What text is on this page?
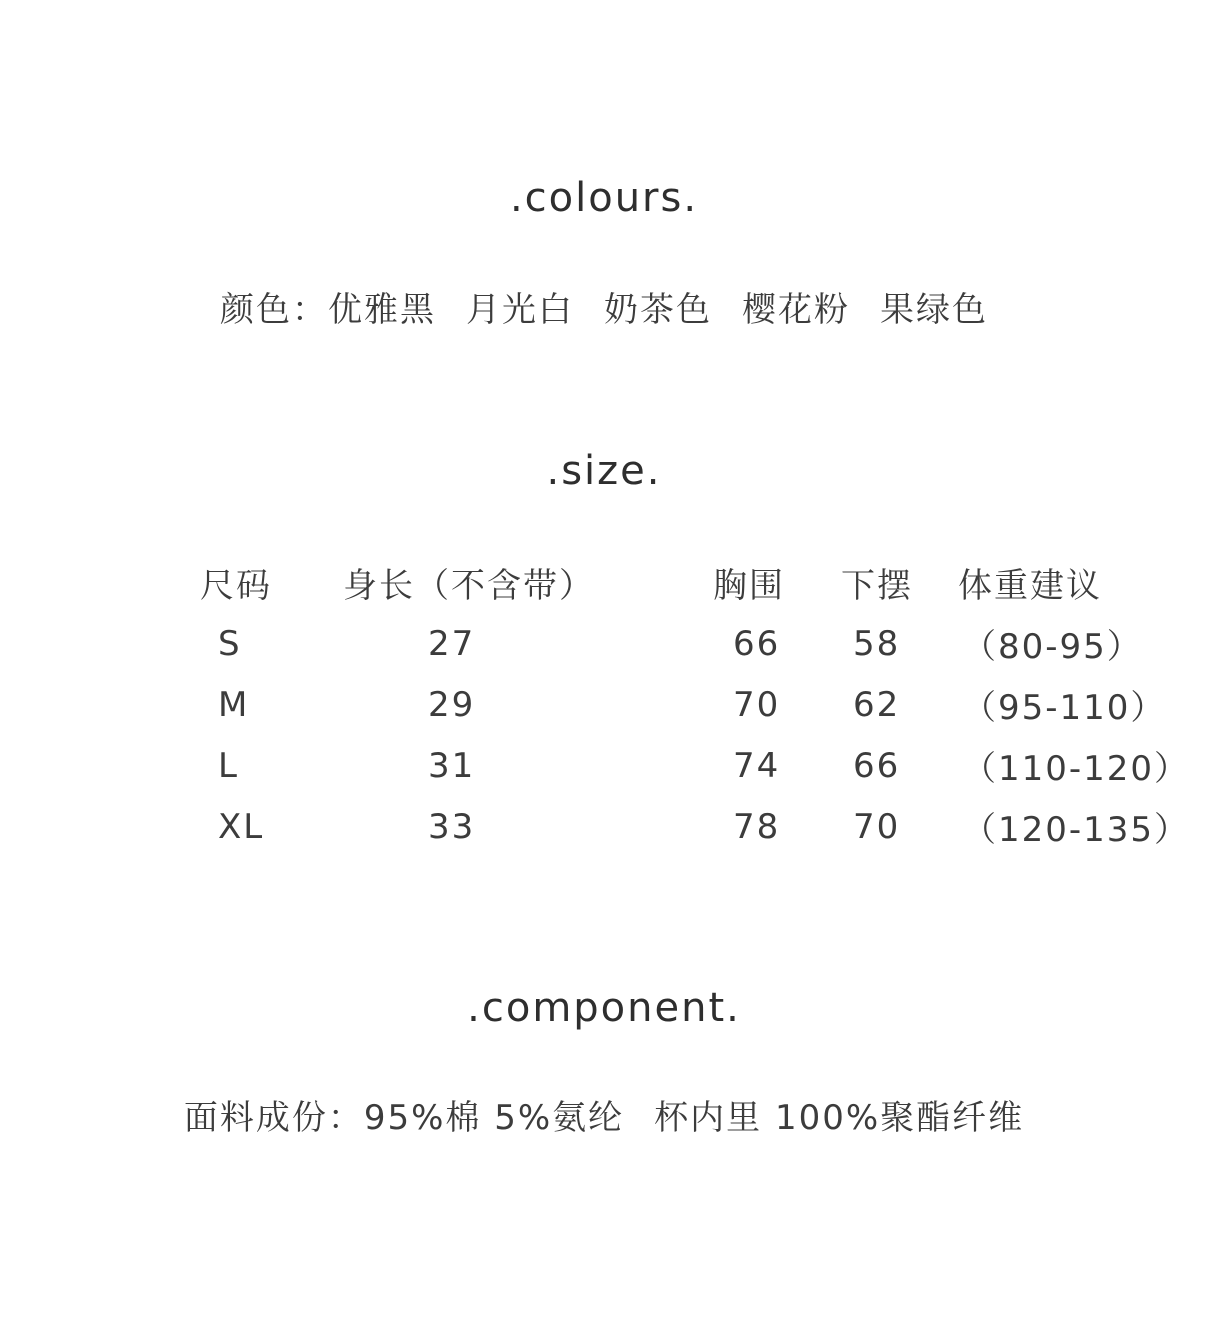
.colours.
颜色：优雅黑 月光白 奶茶色 樱花粉 果绿色
.size.
尺码	身长（不含带）	胸围	下摆	体重建议
S	27	66	58	（80-95）
M	29	70	62	（95-110）
L	31	74	66	（110-120）
XL	33	78	70	（120-135）
.component.
面料成份：95%棉 5%氨纶 杯内里 100%聚酯纤维
